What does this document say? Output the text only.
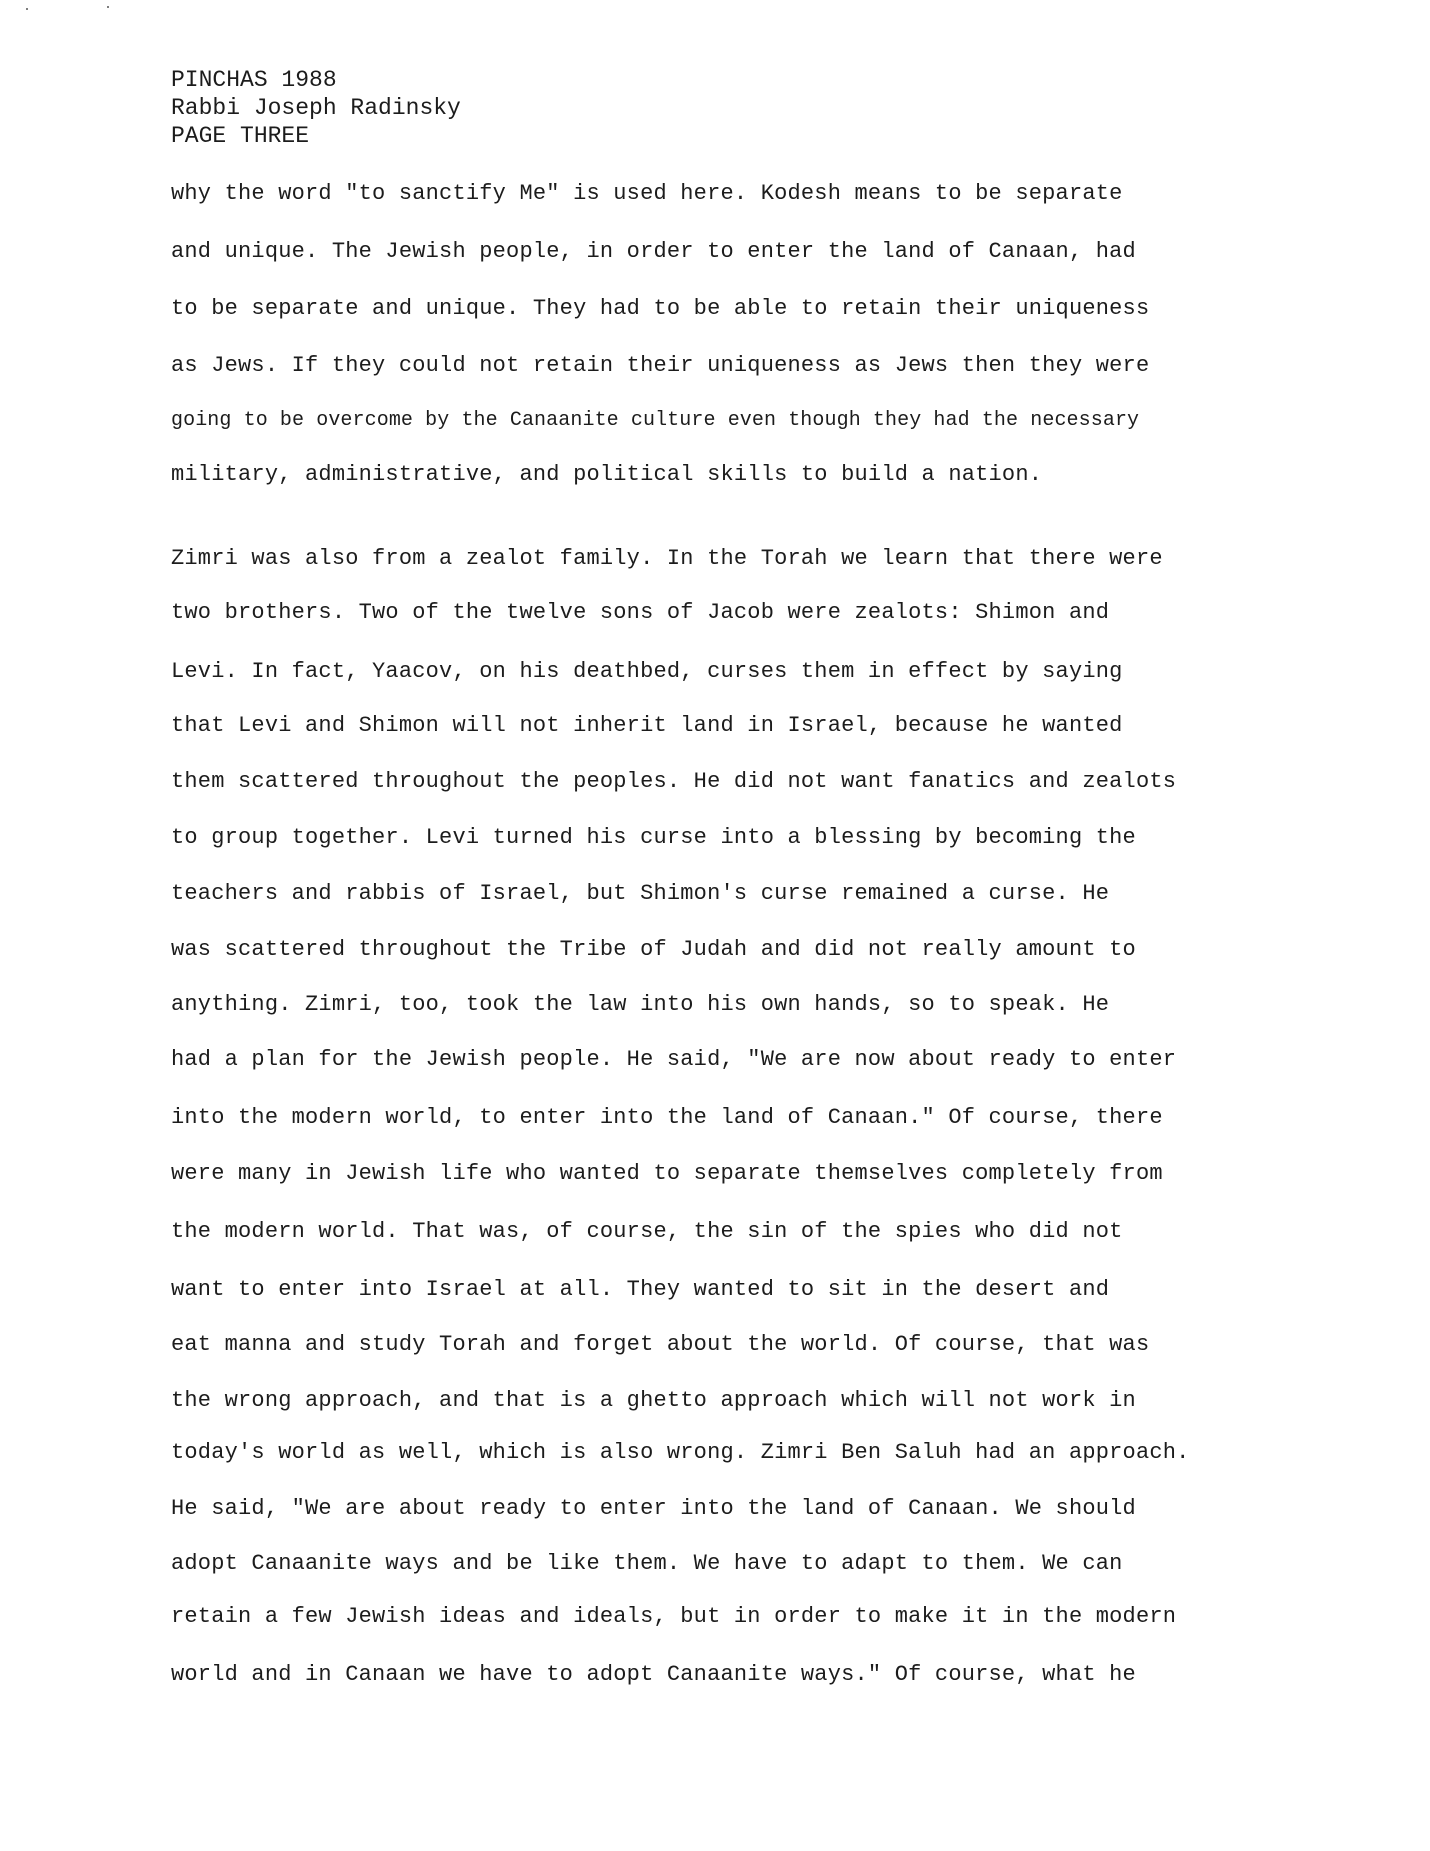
PINCHAS 1988
Rabbi Joseph Radinsky
PAGE THREE
why the word "to sanctify Me" is used here. Kodesh means to be separate
and unique. The Jewish people, in order to enter the land of Canaan, had
to be separate and unique. They had to be able to retain their uniqueness
as Jews. If they could not retain their uniqueness as Jews then they were
going to be overcome by the Canaanite culture even though they had the necessary
military, administrative, and political skills to build a nation.
Zimri was also from a zealot family. In the Torah we learn that there were
two brothers. Two of the twelve sons of Jacob were zealots: Shimon and
Levi. In fact, Yaacov, on his deathbed, curses them in effect by saying
that Levi and Shimon will not inherit land in Israel, because he wanted
them scattered throughout the peoples. He did not want fanatics and zealots
to group together. Levi turned his curse into a blessing by becoming the
teachers and rabbis of Israel, but Shimon's curse remained a curse. He
was scattered throughout the Tribe of Judah and did not really amount to
anything. Zimri, too, took the law into his own hands, so to speak. He
had a plan for the Jewish people. He said, "We are now about ready to enter
into the modern world, to enter into the land of Canaan." Of course, there
were many in Jewish life who wanted to separate themselves completely from
the modern world. That was, of course, the sin of the spies who did not
want to enter into Israel at all. They wanted to sit in the desert and
eat manna and study Torah and forget about the world. Of course, that was
the wrong approach, and that is a ghetto approach which will not work in
today's world as well, which is also wrong. Zimri Ben Saluh had an approach.
He said, "We are about ready to enter into the land of Canaan. We should
adopt Canaanite ways and be like them. We have to adapt to them. We can
retain a few Jewish ideas and ideals, but in order to make it in the modern
world and in Canaan we have to adopt Canaanite ways." Of course, what he
